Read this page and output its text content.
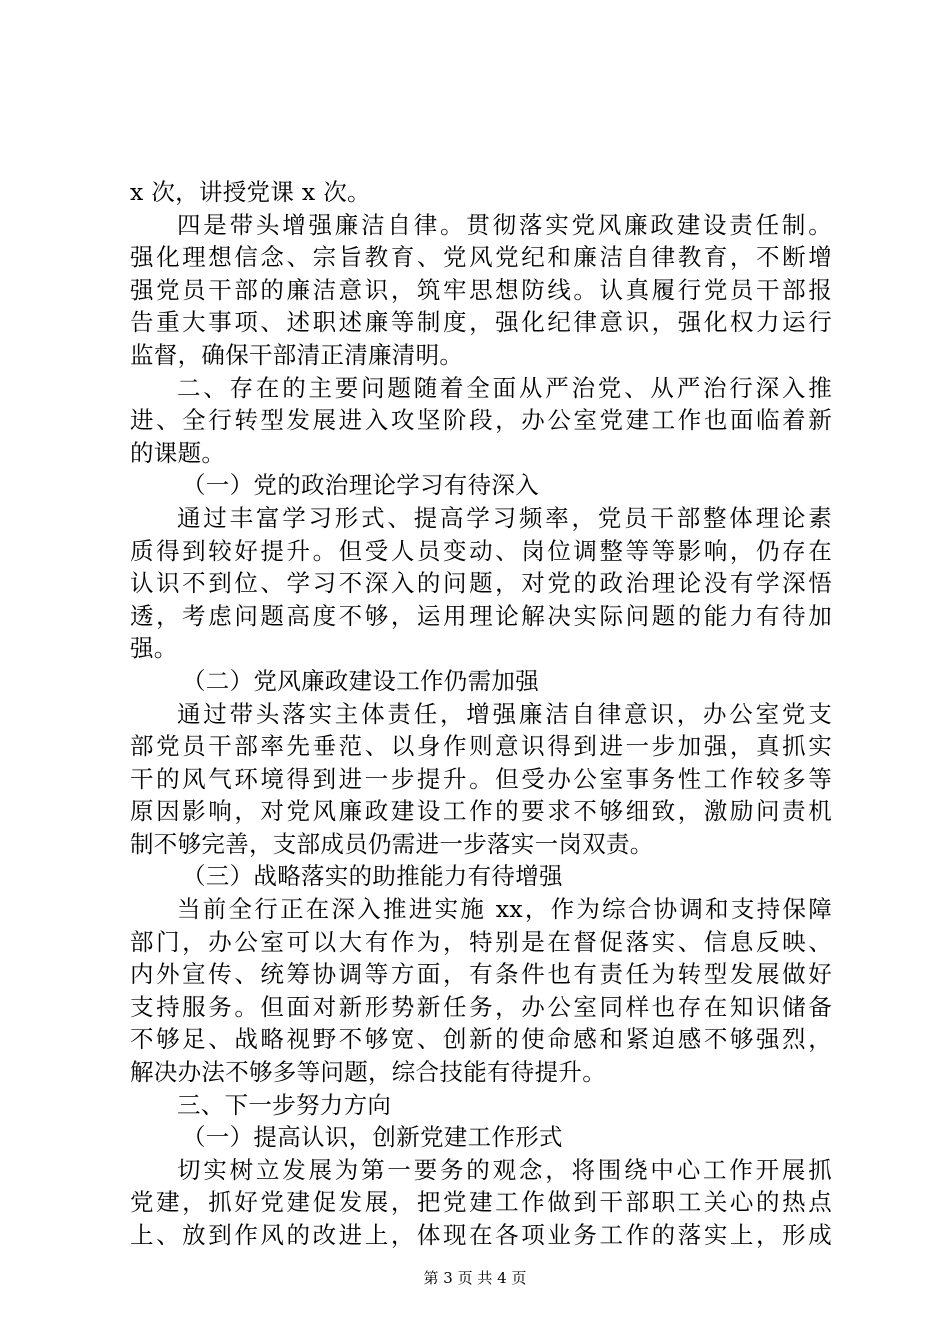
x 次，讲授党课 x 次。
四是带头增强廉洁自律。贯彻落实党风廉政建设责任制。
强化理想信念、宗旨教育、党风党纪和廉洁自律教育，不断增
强党员干部的廉洁意识，筑牢思想防线。认真履行党员干部报
告重大事项、述职述廉等制度，强化纪律意识，强化权力运行
监督，确保干部清正清廉清明。
二、存在的主要问题随着全面从严治党、从严治行深入推
进、全行转型发展进入攻坚阶段，办公室党建工作也面临着新
的课题。
（一）党的政治理论学习有待深入
通过丰富学习形式、提高学习频率，党员干部整体理论素
质得到较好提升。但受人员变动、岗位调整等等影响，仍存在
认识不到位、学习不深入的问题，对党的政治理论没有学深悟
透，考虑问题高度不够，运用理论解决实际问题的能力有待加
强。
（二）党风廉政建设工作仍需加强
通过带头落实主体责任，增强廉洁自律意识，办公室党支
部党员干部率先垂范、以身作则意识得到进一步加强，真抓实
干的风气环境得到进一步提升。但受办公室事务性工作较多等
原因影响，对党风廉政建设工作的要求不够细致，激励问责机
制不够完善，支部成员仍需进一步落实一岗双责。
（三）战略落实的助推能力有待增强
当前全行正在深入推进实施 xx，作为综合协调和支持保障
部门，办公室可以大有作为，特别是在督促落实、信息反映、
内外宣传、统筹协调等方面，有条件也有责任为转型发展做好
支持服务。但面对新形势新任务，办公室同样也存在知识储备
不够足、战略视野不够宽、创新的使命感和紧迫感不够强烈，
解决办法不够多等问题，综合技能有待提升。
三、下一步努力方向
（一）提高认识，创新党建工作形式
切实树立发展为第一要务的观念，将围绕中心工作开展抓
党建，抓好党建促发展，把党建工作做到干部职工关心的热点
上、放到作风的改进上，体现在各项业务工作的落实上，形成
第 3 页 共 4 页
